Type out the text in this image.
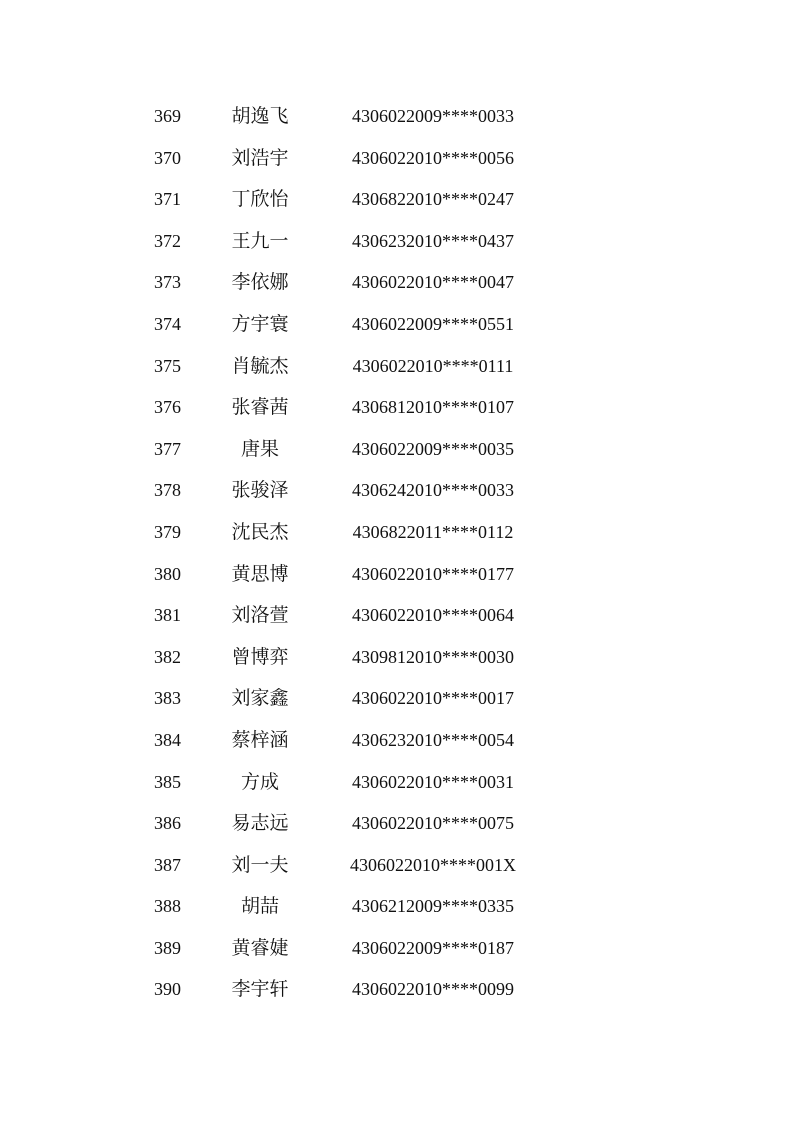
369	胡逸飞	4306022009****0033
370	刘浩宇	4306022010****0056
371	丁欣怡	4306822010****0247
372	王九一	4306232010****0437
373	李依娜	4306022010****0047
374	方宇寰	4306022009****0551
375	肖毓杰	4306022010****0111
376	张睿茜	4306812010****0107
377	唐果	4306022009****0035
378	张骏泽	4306242010****0033
379	沈民杰	4306822011****0112
380	黄思博	4306022010****0177
381	刘洛萱	4306022010****0064
382	曾博弈	4309812010****0030
383	刘家鑫	4306022010****0017
384	蔡梓涵	4306232010****0054
385	方成	4306022010****0031
386	易志远	4306022010****0075
387	刘一夫	4306022010****001X
388	胡喆	4306212009****0335
389	黄睿婕	4306022009****0187
390	李宇轩	4306022010****0099
